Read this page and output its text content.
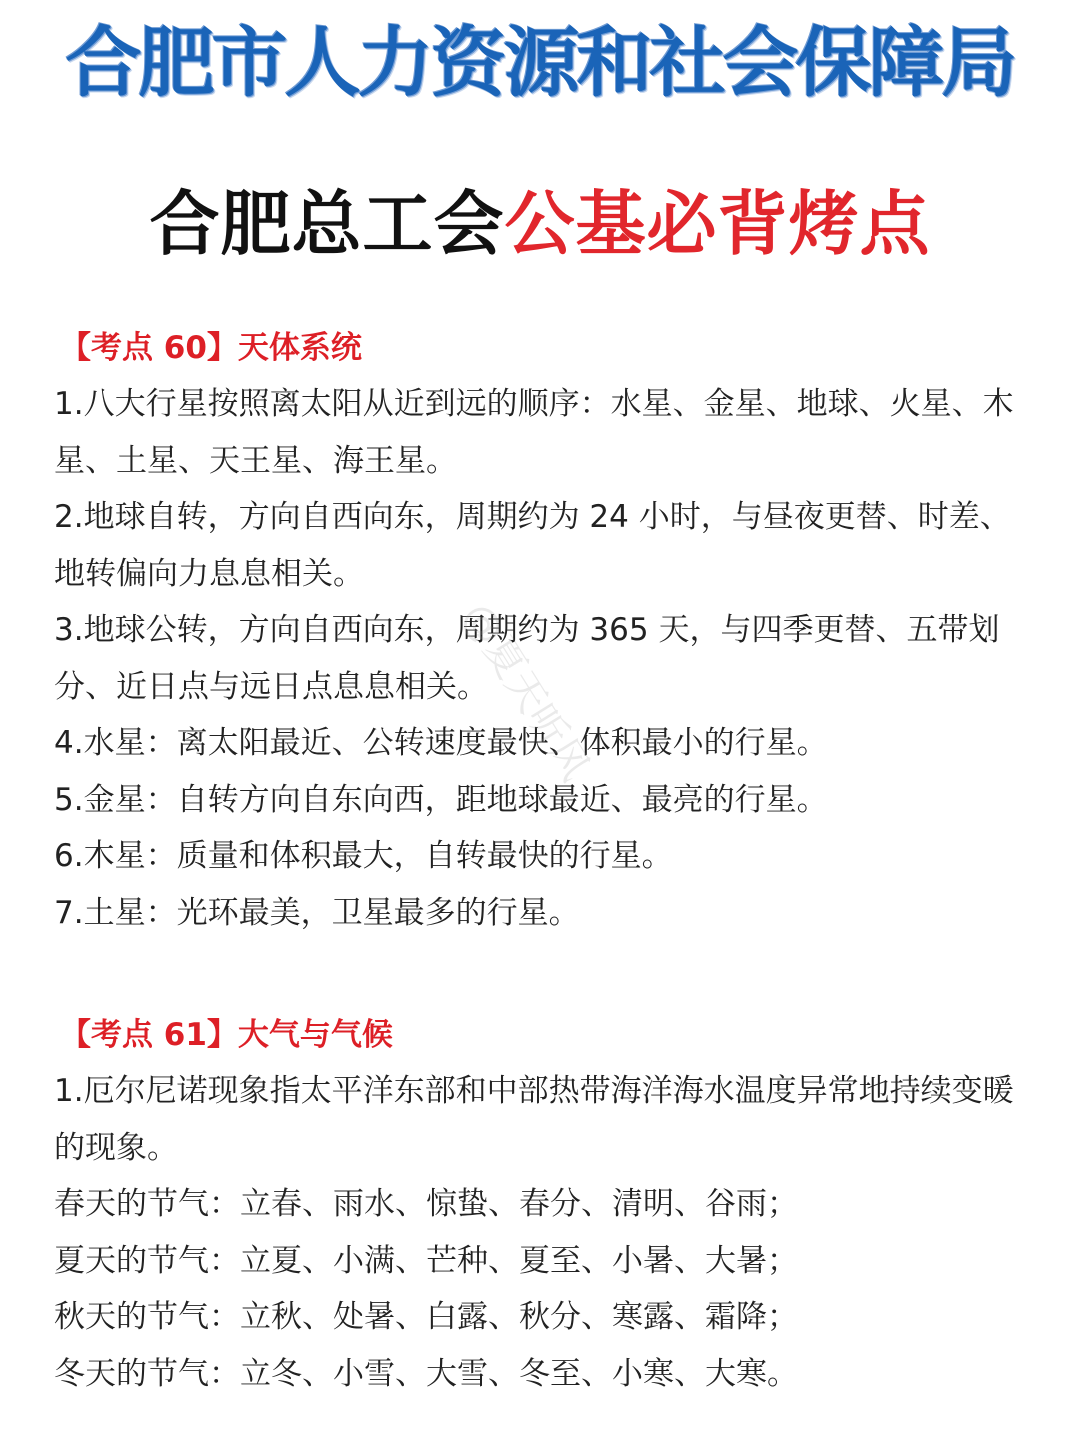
合肥市人力资源和社会保障局
合肥总工会公基必背烤点
【考点 60】天体系统

1.八大行星按照离太阳从近到远的顺序：水星、金星、地球、火星、木星、土星、天王星、海王星。

2.地球自转，方向自西向东，周期约为 24 小时，与昼夜更替、时差、地转偏向力息息相关。

3.地球公转，方向自西向东，周期约为 365 天，与四季更替、五带划分、近日点与远日点息息相关。

4.水星：离太阳最近、公转速度最快、体积最小的行星。

5.金星：自转方向自东向西，距地球最近、最亮的行星。

6.木星：质量和体积最大，自转最快的行星。

7.土星：光环最美，卫星最多的行星。

【考点 61】大气与气候

1.厄尔尼诺现象指太平洋东部和中部热带海洋海水温度异常地持续变暖的现象。

春天的节气：立春、雨水、惊蛰、春分、清明、谷雨；

夏天的节气：立夏、小满、芒种、夏至、小暑、大暑；

秋天的节气：立秋、处暑、白露、秋分、寒露、霜降；

冬天的节气：立冬、小雪、大雪、冬至、小寒、大寒。

@夏天听风
